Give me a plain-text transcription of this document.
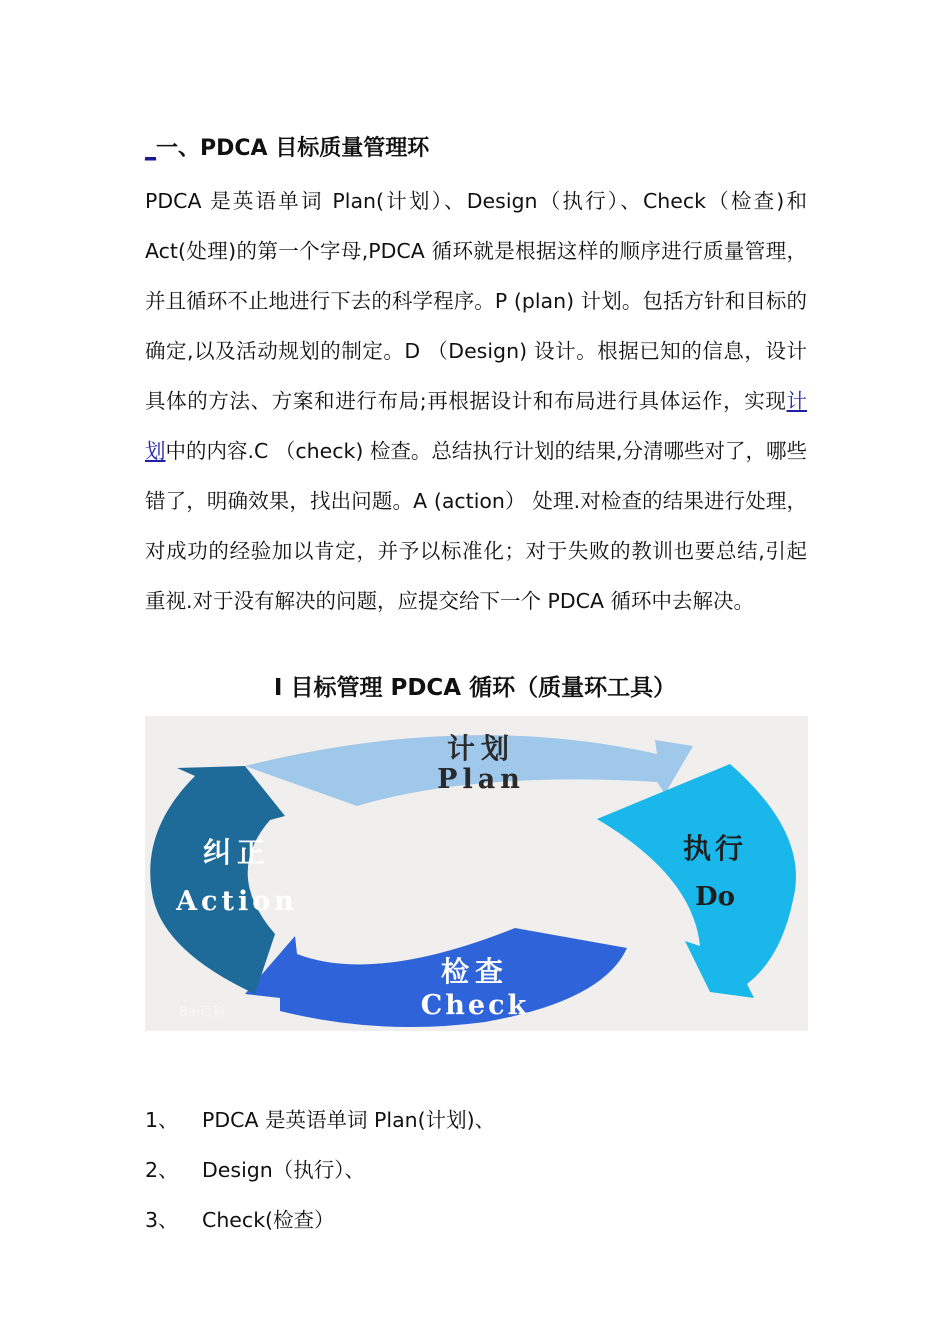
_一、PDCA 目标质量管理环

PDCA 是英语单词 Plan(计划）、Design（执行）、Check（检查)和 Act(处理)的第一个字母,PDCA 循环就是根据这样的顺序进行质量管理，并且循环不止地进行下去的科学程序。P (plan) 计划。包括方针和目标的确定,以及活动规划的制定。D （Design) 设计。根据已知的信息，设计具体的方法、方案和进行布局;再根据设计和布局进行具体运作，实现计划中的内容.C （check) 检查。总结执行计划的结果,分清哪些对了，哪些错了，明确效果，找出问题。A (action） 处理.对检查的结果进行处理，对成功的经验加以肯定，并予以标准化；对于失败的教训也要总结,引起重视.对于没有解决的问题，应提交给下一个 PDCA 循环中去解决。

Ⅰ 目标管理 PDCA 循环（质量环工具）
计划
Plan
执行
Do
检查
Check
纠正
Action
Bai百科
1、 PDCA 是英语单词 Plan(计划)、
2、 Design（执行）、
3、 Check(检查）
